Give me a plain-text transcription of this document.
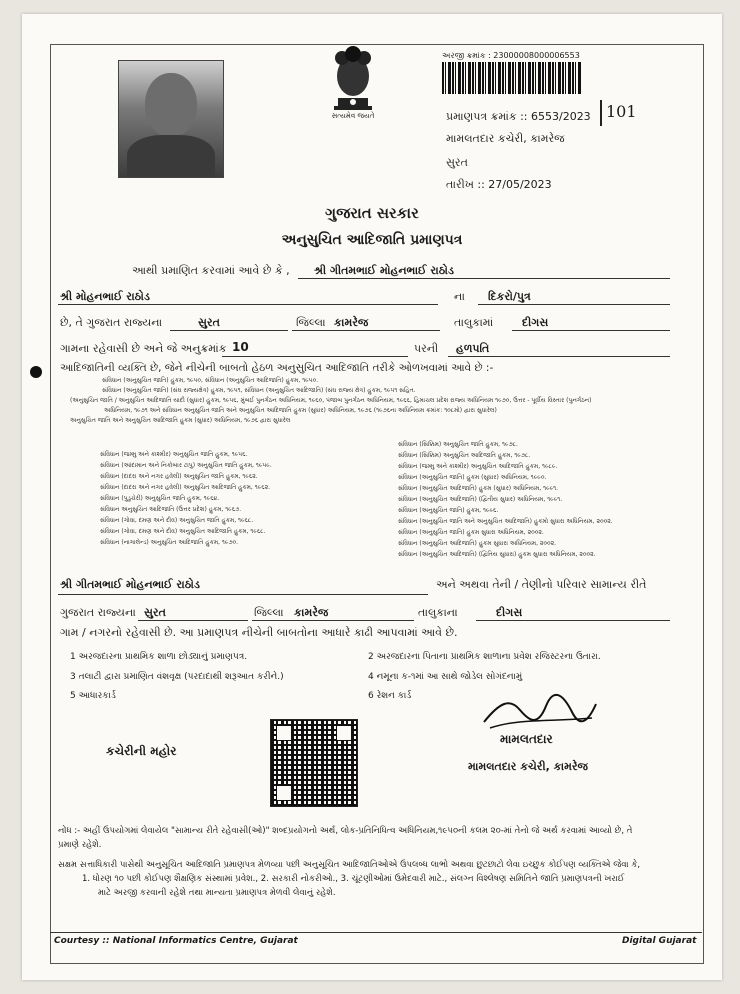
સત્યમેવ જયતે
અરજી ક્રમાંક : 23000008000006553
પ્રમાણપત્ર ક્રમાંક :: 6553/2023 101
મામલતદાર કચેરી, કામરેજ
સુરત
તારીખ :: 27/05/2023
ગુજરાત સરકાર
અનુસુચિત આદિજાતિ પ્રમાણપત્ર
આથી પ્રમાણિત કરવામાં આવે છે કે , શ્રી ગીતમભાઈ મોહનભાઈ રાઠોડ
શ્રી મોહનભાઈ રાઠોડ	ના દિકરો/પુત્ર
છે, તે ગુજરાત રાજ્યના	સુરત	જિલ્લા કામરેજ	તાલુકામાં	દીગસ
ગામના રહેવાસી છે અને જે અનુક્રમાંક 10	પરની હળપતિ
આદિજાતિની વ્યક્તિ છે, જેને નીચેની બાબતો હેઠળ અનુસુચિત આદિજાતિ તરીકે ઓળખવામાં આવે છે :-
સંવિધાન (અનુસુચિત જાતિ) હુકમ, ૧૯૫૦, સંવિધાન (અનુસુચિત આદિજાતિ) હુકમ, ૧૯૫૦.
સંવિધાન (અનુસુચિત જાતિ) (સંઘ રાજ્યક્ષેત્ર) હુકમ, ૧૯૫૧, સંવિધાન (અનુસુચિત આદિજાતિ) (સંઘ રાજ્ય ક્ષેત્ર) હુકમ, ૧૯૫૧ સહિત.
(અનુસુચિત જાતિ / અનુસુચિત આદિજાતિ યાદી (સુધાર) હુકમ, ૧૯૫૬, મુંબઈ પુનર્ગઠન અધિનિયમ, ૧૯૬૦, પંજાબ પુનર્ગઠન અધિનિયમ, ૧૯૬૬, હિમાચલ પ્રદેશ રાજ્ય અધિનિયમ ૧૯૭૦, ઉત્તર - પૂર્વીય વિસ્તાર (પુનર્ગઠન)
અધિનિયમ, ૧૯૭૧ અને સંવિધાન અનુસુચિત જાતિ અને અનુસુચિત આદિજાતિ હુકમ (સુધાર) અધિનિયમ, ૧૯૭૬ (૧૯૭૬ના અધિનિયમ ક્રમાંક: ૧૦૮મો) દ્વારા સુધારેલ)
અનુસુચિત જાતિ અને અનુસુચિત આદિજાતિ હુકમ (સુધાર) અધિનિયમ, ૧૯૭૬ દ્વારા સુધારેલ
સંવિધાન (જમ્મુ અને કાશ્મીર) અનુસુચિત જાતિ હુકમ, ૧૯૫૬.
સંવિધાન (આંદામાન અને નિકોબાર ટાપુ) અનુસુચિત જાતિ હુકમ, ૧૯૫૯.
સંવિધાન (દાદરા અને નગર હવેલી) અનુસુચિત જાતિ હુકમ, ૧૯૬૨.
સંવિધાન (દાદરા અને નગર હવેલી) અનુસુચિત આદિજાતિ હુકમ, ૧૯૬૨.
સંવિધાન (પુડુચેરી) અનુસુચિત જાતિ હુકમ, ૧૯૬૪.
સંવિધાન અનુસુચિત આદિજાતિ (ઉત્તર પ્રદેશ) હુકમ, ૧૯૬૭.
સંવિધાન (ગોવા, દમણ અને દીવ) અનુસુચિત જાતિ હુકમ, ૧૯૬૮.
સંવિધાન (ગોવા, દમણ અને દીવ) અનુસુચિત આદિજાતિ હુકમ, ૧૯૬૮.
સંવિધાન (નાગાલેન્ડ) અનુસુચિત આદિજાતિ હુકમ, ૧૯૭૦.
સંવિધાન (સિક્કિમ) અનુસુચિત જાતિ હુકમ, ૧૯૭૮.
સંવિધાન (સિક્કિમ) અનુસુચિત આદિજાતિ હુકમ, ૧૯૭૮.
સંવિધાન (જમ્મુ અને કાશ્મીર) અનુસુચિત આદિજાતિ હુકમ, ૧૯૮૯.
સંવિધાન (અનુસુચિત જાતિ) હુકમ (સુધાર) અધિનિયમ, ૧૯૯૦.
સંવિધાન (અનુસુચિત આદિજાતિ) હુકમ (સુધાર) અધિનિયમ, ૧૯૯૧.
સંવિધાન (અનુસુચિત આદિજાતિ) (દ્વિતીય સુધાર) અધિનિયમ, ૧૯૯૧.
સંવિધાન (અનુસુચિત જાતિ) હુકમ, ૧૯૯૬.
સંવિધાન (અનુસુચિત જાતિ અને અનુસુચિત આદિજાતિ) હુકમો સુધારા અધિનિયમ, ૨૦૦૨.
સંવિધાન (અનુસુચિત જાતિ) હુકમ સુધારા અધિનિયમ, ૨૦૦૨.
સંવિધાન (અનુસુચિત આદિજાતિ) હુકમ સુધારા અધિનિયમ, ૨૦૦૨.
સંવિધાન (અનુસુચિત આદિજાતિ) (દ્વિતિય સુધારા) હુકમ સુધારા અધિનિયમ, ૨૦૦૨.
શ્રી ગીતમભાઈ મોહનભાઈ રાઠોડ	અને અથવા તેની / તેણીનો પરિવાર સામાન્ય રીતે
ગુજરાત રાજ્યના સુરત	જિલ્લા કામરેજ	તાલુકાના	દીગસ
ગામ / નગરનો રહેવાસી છે. આ પ્રમાણપત્ર નીચેની બાબતોના આધારે કાઢી આપવામાં આવે છે.
1 અરજદારના પ્રાથમિક શાળા છોડ્યાનું પ્રમાણપત્ર.	2 અરજદારના પિતાના પ્રાથમિક શાળાના પ્રવેશ રજિસ્ટરના ઉતારા.
3 તલાટી દ્વારા પ્રમાણિત વંશવૃક્ષ (પરદાદાથી શરૂઆત કરીને.)	4 નમૂના ક-૧માં આ સાથે જોડેલ સોગંદનામું
5 આધારકાર્ડ	6 રેશન કાર્ડ
કચેરીની મહોર
મામલતદાર
મામલતદાર કચેરી, કામરેજ
નોંધ :- અહીં ઉપયોગમાં લેવાયેલ "સામાન્ય રીતે રહેવાસી(ઓ)" શબ્દપ્રયોગનો અર્થ, લોક-પ્રતિનિધિત્વ અધિનિયમ,૧૯૫૦ની કલમ ૨૦-માં તેનો જે અર્થ કરવામાં આવ્યો છે, તે
પ્રમાણે રહેશે.
સક્ષમ સત્તાધિકારી પાસેથી અનુસૂચિત આદિજાતિ પ્રમાણપત્ર મેળવ્યા પછી અનુસૂચિત આદિજાતિઓએ ઉપલબ્ધ લાભો અથવા છુટછાટો લેવા ઇચ્છુક કોઈપણ વ્યક્તિએ જેવા કે,
1. ધોરણ ૧૦ પછી કોઈપણ શૈક્ષણિક સંસ્થામાં પ્રવેશ., 2. સરકારી નોકરીઓ., 3. ચૂંટણીઓમાં ઉમેદવારી માટે., સંલગ્ન વિશ્લેષણ સમિતિને જાતિ પ્રમાણપત્રની ખરાઈ
માટે અરજી કરવાની રહેશે તથા માન્યતા પ્રમાણપત્ર મેળવી લેવાનું રહેશે.
Courtesy :: National Informatics Centre, Gujarat	Digital Gujarat
